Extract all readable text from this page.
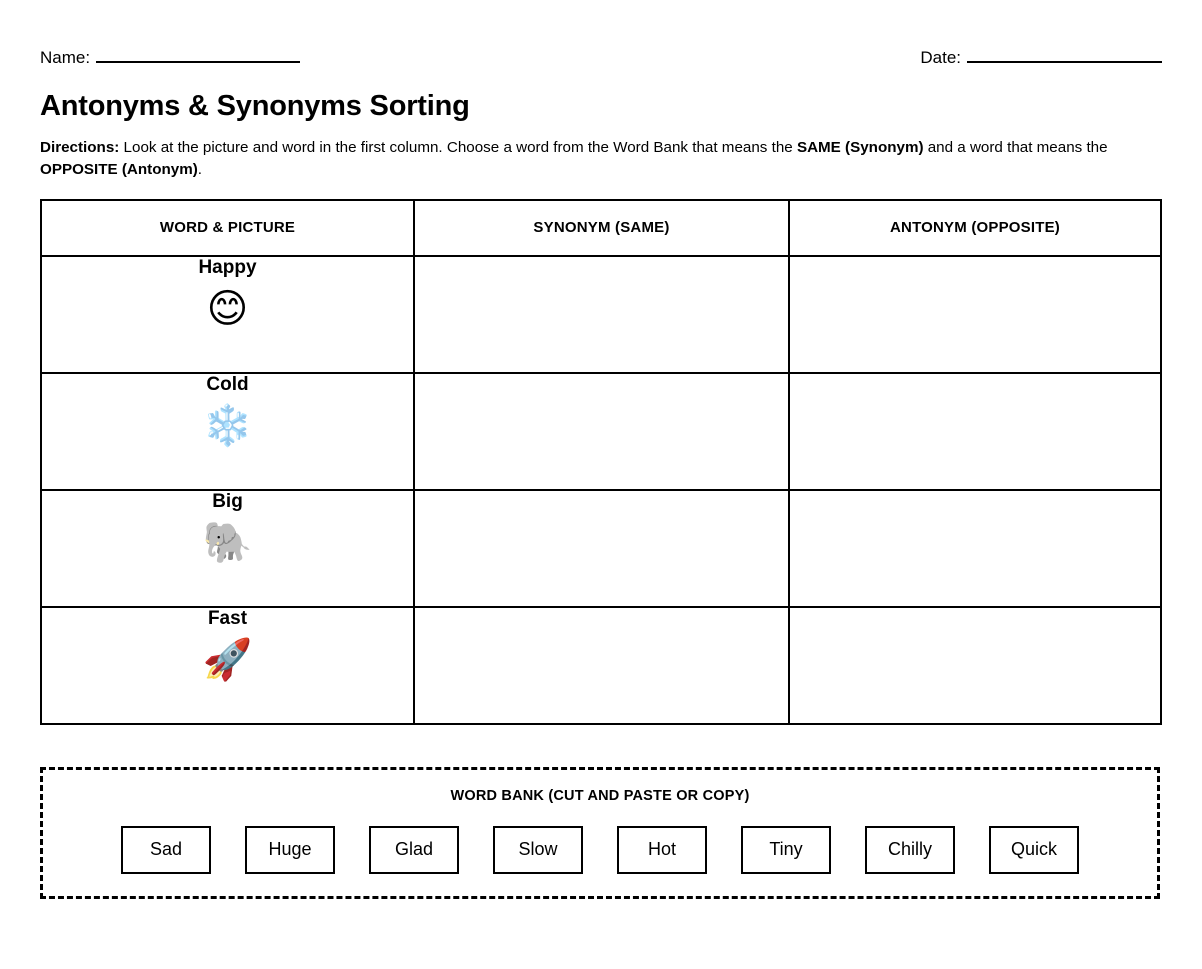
Name:	Date:
Antonyms & Synonyms Sorting

Directions: Look at the picture and word in the first column. Choose a word from the Word Bank that means the SAME (Synonym) and a word that means the OPPOSITE (Antonym).

WORD & PICTURE	SYNONYM (SAME)	ANTONYM (OPPOSITE)

Happy
😊		

Cold
❄️		

Big
🐘		

Fast
🚀		

WORD BANK (CUT AND PASTE OR COPY)
Sad	Huge	Glad	Slow	Hot	Tiny	Chilly	Quick
